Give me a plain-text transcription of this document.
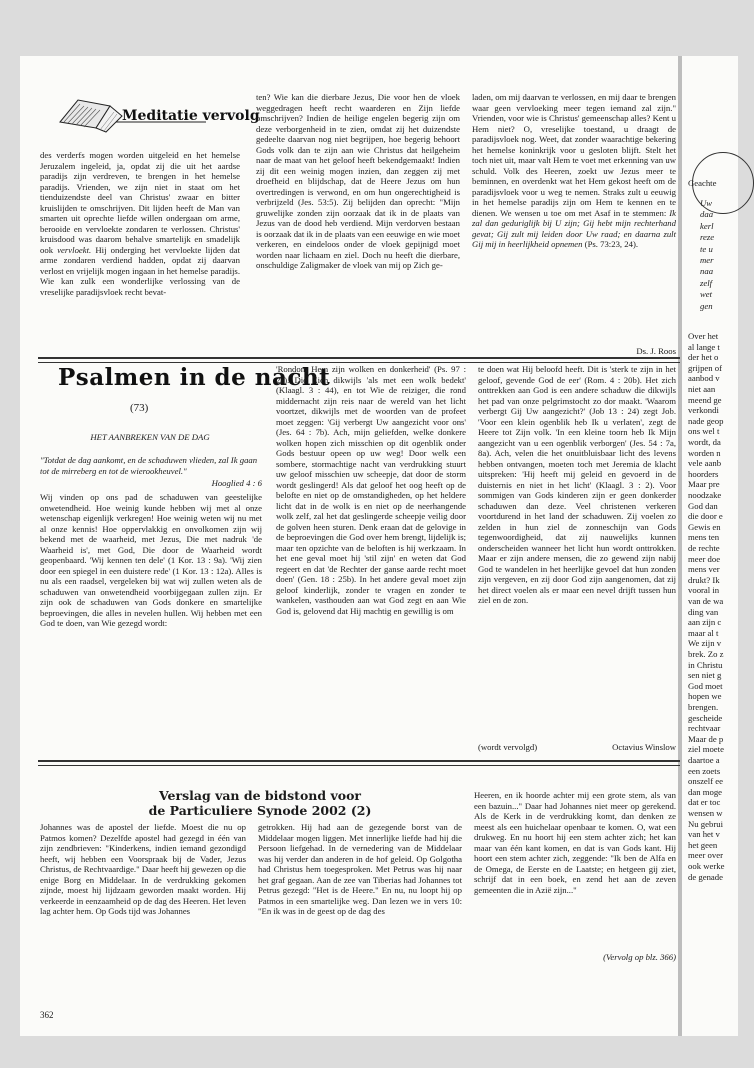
Geachte
Uw
daa
kerl
reze
te u
mer
naa
zelf
wet
gen
Over het
al lange t
der het o
grijpen of
aanbod v
niet aan
meend ge
verkondi
nade geop
ons wel t
wordt, da
worden n
vele aanb
hoorders
Maar pre
noodzake
God dan
die door e
Gewis en
mens ten
de rechte
meer doe
mens ver
drukt? Ik
vooral in
van de wa
ding van
aan zijn c
maar al t
We zijn v
brek. Zo z
in Christu
sen niet g
God moet
hopen we
brengen.
gescheide
rechtvaar
Maar de p
ziel moete
daartoe a
een zoets
onszelf ee
dan moge
dat er toc
wensen w
Nu gebrui
van het v
het geen
meer over
ook werke
de genade
Meditatie vervolg

des verderfs mogen worden uitgeleid en het hemelse Jeruzalem ingeleid, ja, opdat zij die uit het aardse paradijs zijn verdreven, te brengen in het hemelse paradijs. Vrienden, we zijn niet in staat om het tienduizendste deel van Christus' zwaar en bitter kruislijden te omschrijven. Dit lijden heeft de Man van smarten uit oprechte liefde willen ondergaan om arme, berooide en vervloekte zondaren te verlossen. Christus' kruisdood was daarom behalve smartelijk en smadelijk ook vervloekt. Hij onderging het vervloekte lijden dat arme zondaren verdiend hadden, opdat zij daarvan verlost en vrijelijk mogen ingaan in het hemelse paradijs. Wie kan zulk een wonderlijke verlossing van de vreselijke paradijsvloek recht bevat-

ten? Wie kan die dierbare Jezus, Die voor hen de vloek weggedragen heeft recht waarderen en Zijn liefde omschrijven? Indien de heilige engelen begerig zijn om deze verborgenheid in te zien, omdat zij het duizendste gedeelte daarvan nog niet begrijpen, hoe begerig behoort Gods volk dan te zijn aan wie Christus dat heilgeheim naar de maat van het geloof heeft bekendgemaakt! Indien zij dit een weinig mogen inzien, dan zeggen zij met droefheid en blijdschap, dat de Heere Jezus om hun overtredingen is verwond, en om hun ongerechtigheid is verbrijzeld (Jes. 53:5). Zij belijden dan oprecht: "Mijn gruwelijke zonden zijn oorzaak dat ik in de plaats van Jezus van de dood heb verdiend. Mijn verdorven bestaan is oorzaak dat ik in de plaats van een eeuwige en wie moet verkeren, en eindeloos onder de vloek gepijnigd moet worden naar lichaam en ziel. Doch nu heeft die dierbare, onschuldige Zaligmaker de vloek van mij op Zich ge-

laden, om mij daarvan te verlossen, en mij daar te brengen waar geen vervloeking meer tegen iemand zal zijn." Vrienden, voor wie is Christus' gemeenschap alles? Kent u Hem niet? O, vreselijke toestand, u draagt de paradijsvloek nog. Weet, dat zonder waarachtige bekering het hemelse koninkrijk voor u gesloten blijft. Stelt het toch niet uit, maar valt Hem te voet met erkenning van uw schuld. Volk des Heeren, zoekt uw Jezus meer te beminnen, en overdenkt wat het Hem gekost heeft om de paradijsvloek voor u weg te nemen. Straks zult u eeuwig in het hemelse paradijs zijn om Hem te kennen en te dienen. We wensen u toe om met Asaf in te stemmen: Ik zal dan geduriglijk bij U zijn; Gij hebt mijn rechterhand gevat; Gij zult mij leiden door Uw raad; en daarna zult Gij mij in heerlijkheid opnemen (Ps. 73:23, 24).

Ds. J. Roos
Psalmen in de nacht
(73)
HET AANBREKEN VAN DE DAG
"Totdat de dag aankomt, en de schaduwen vlieden, zal Ik gaan tot de mirreberg en tot de wierookheuvel."
Hooglied 4 : 6

Wij vinden op ons pad de schaduwen van geestelijke onwetendheid. Hoe weinig kunde hebben wij met al onze wetenschap eigenlijk verkregen! Hoe weinig weten wij nu met al onze kennis! Hoe oppervlakkig en onvolkomen zijn wij bekend met de waarheid, met Jezus, Die met nadruk 'de Waarheid is', met God, Die door de Waarheid wordt geopenbaard. 'Wij kennen ten dele' (1 Kor. 13 : 9a). 'Wij zien door een spiegel in een duistere rede' (1 Kor. 13 : 12a). Alles is nu als een raadsel, vergeleken bij wat wij zullen weten als de schaduwen van onwetendheid voorbijgegaan zullen zijn. Er zijn ook de schaduwen van Gods donkere en smartelijke beproevingen, die alles in nevelen hullen. Wij hebben met een God te doen, van Wie gezegd wordt:

'Rondom Hem zijn wolken en donkerheid' (Ps. 97 : 2a). Die Zich dikwijls 'als met een wolk bedekt' (Klaagl. 3 : 44), en tot Wie de reiziger, die rond middernacht zijn reis naar de wereld van het licht voortzet, dikwijls met de woorden van de profeet moet zeggen: 'Gij verbergt Uw aangezicht voor ons' (Jes. 64 : 7b). Ach, mijn geliefden, welke donkere wolken hopen zich misschien op dit ogenblik onder Gods bestuur opeen op uw weg! Door welk een sombere, stormachtige nacht van verdrukking stuurt uw geloof misschien uw scheepje, dat door de storm wordt geslingerd! Als dat geloof het oog heeft op de belofte en niet op de omstandigheden, op het heldere licht dat in de wolk is en niet op de neerhangende wolk zelf, zal het dat geslingerde scheepje veilig door de golven heen sturen. Denk eraan dat de gelovige in de beproevingen die God over hem brengt, lijdelijk is; maar ten opzichte van de beloften is hij werkzaam. In het ene geval moet hij 'stil zijn' en weten dat God regeert en dat 'de Rechter der ganse aarde recht moet doen' (Gen. 18 : 25b). In het andere geval moet zijn geloof kinderlijk, zonder te vragen en zonder te wankelen, vasthouden aan wat God zegt en aan Wie God is, gelovend dat Hij machtig en gewillig is om

te doen wat Hij beloofd heeft. Dit is 'sterk te zijn in het geloof, gevende God de eer' (Rom. 4 : 20b). Het zich onttrekken aan God is een andere schaduw die dikwijls het pad van onze pelgrimstocht zo dor maakt. 'Waarom verbergt Gij Uw aangezicht?' (Job 13 : 24) zegt Job. 'Voor een klein ogenblik heb Ik u verlaten', zegt de Heere tot Zijn volk. 'In een kleine toorn heb Ik Mijn aangezicht van u een ogenblik verborgen' (Jes. 54 : 7a, 8a). Ach, velen die het onuitbluisbaar licht des levens hebben ontvangen, moeten toch met Jeremia de klacht uitspreken: 'Hij heeft mij geleid en gevoerd in de duisternis en niet in het licht' (Klaagl. 3 : 2). Voor sommigen van Gods kinderen zijn er geen donkerder schaduwen dan deze. Veel christenen verkeren voortdurend in het land der schaduwen. Zij voelen zo zelden in hun ziel de zonneschijn van Gods tegenwoordigheid, dat zij nauwelijks kunnen onderscheiden wanneer het licht hun wordt onttrokken. Maar er zijn andere mensen, die zo gewend zijn nabij God te wandelen in het heerlijke gevoel dat hun zonden zijn vergeven, en zij door God zijn aangenomen, dat zij het direct voelen als er maar een nevel drijft tussen hun ziel en de zon.

(wordt vervolgd)	Octavius Winslow
Verslag van de bidstond voor
de Particuliere Synode 2002 (2)

Johannes was de apostel der liefde. Moest die nu op Patmos komen? Dezelfde apostel had gezegd in één van zijn zendbrieven: "Kinderkens, indien iemand gezondigd heeft, wij hebben een Voorspraak bij de Vader, Jezus Christus, de Rechtvaardige." Daar heeft hij gewezen op die enige Borg en Middelaar. In de verdrukking gekomen zijnde, moest hij lijdzaam geworden maakt worden. Hij verkeerde in eenzaamheid op de dag des Heeren. Het leven lag achter hem. Op Gods tijd was Johannes

getrokken. Hij had aan de gezegende borst van de Middelaar mogen liggen. Met innerlijke liefde had hij die Persoon liefgehad. In de vernedering van de Middelaar was hij verder dan anderen in de hof geleid. Op Golgotha had Christus hem toegesproken. Met Petrus was hij naar het graf gegaan. Aan de zee van Tiberias had Johannes tot Petrus gezegd: "Het is de Heere." En nu, nu loopt hij op Patmos in een smartelijke weg. Dan lezen we in vers 10: "En ik was in de geest op de dag des

Heeren, en ik hoorde achter mij een grote stem, als van een bazuin..." Daar had Johannes niet meer op gerekend. Als de Kerk in de verdrukking komt, dan denken ze meest als een huichelaar openbaar te komen. O, wat een drukweg. En nu hoort hij een stem achter zich; het kan maar van één kant komen, en dat is van Gods kant. Hij hoort een stem achter zich, zeggende: "Ik ben de Alfa en de Omega, de Eerste en de Laatste; en hetgeen gij ziet, schrijf dat in een boek, en zend het aan de zeven gemeenten die in Azië zijn..."

(Vervolg op blz. 366)
362
